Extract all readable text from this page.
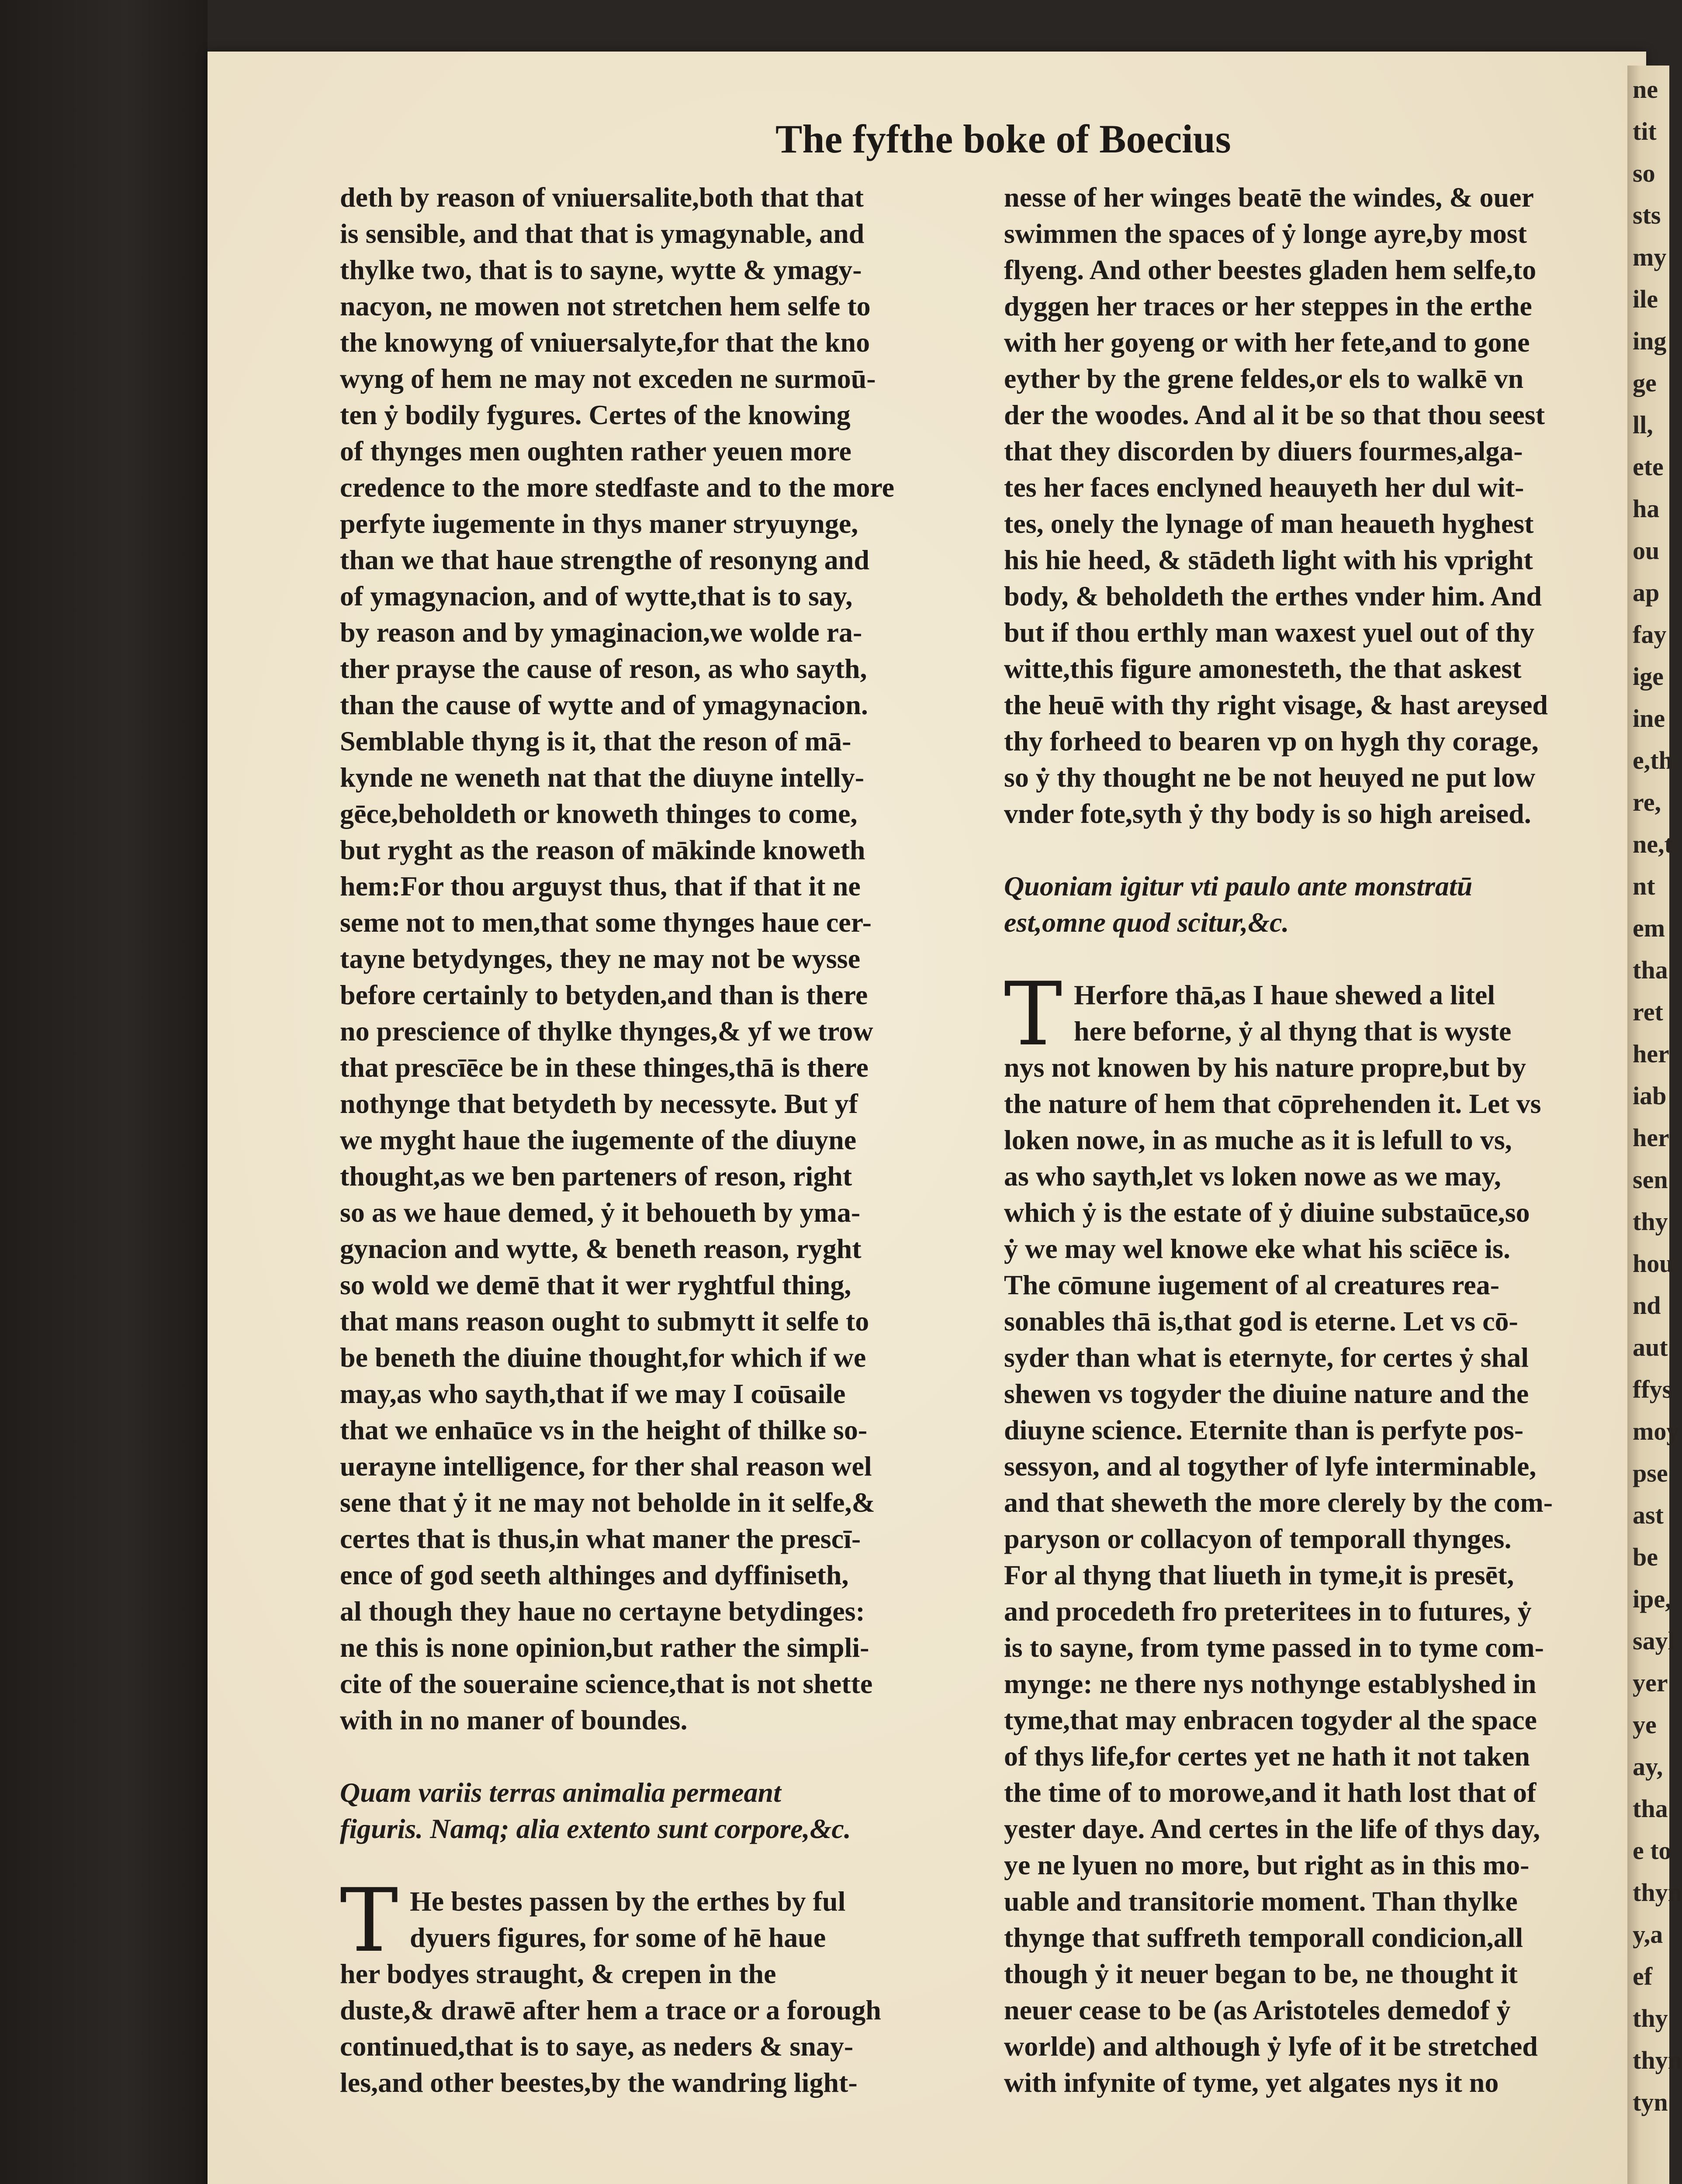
ne
tit
so
sts
my
ile
ing
ge
ll,
ete
ha
ou
ap
fay
ige
ine
e,th
re,
ne,t
nt
em
tha
ret
her
iab
her
sen
thy
hou
nd
aut
ffys
moy
pse
ast
be
ipe,
sayl
yer
ye
ay,
tha
e to
thyn
y,a
ef
thy
thyn
tyn
The fyfthe boke of Boecius
deth by reason of vniuersalite,both that that
is sensible, and that that is ymagynable, and
thylke two, that is to sayne, wytte & ymagy-
nacyon, ne mowen not stretchen hem selfe to
the knowyng of vniuersalyte,for that the kno
wyng of hem ne may not exceden ne surmoū-
ten ẏ bodily fygures. Certes of the knowing
of thynges men oughten rather yeuen more
credence to the more stedfaste and to the more
perfyte iugemente in thys maner stryuynge,
than we that haue strengthe of resonyng and
of ymagynacion, and of wytte,that is to say,
by reason and by ymaginacion,we wolde ra-
ther prayse the cause of reson, as who sayth,
than the cause of wytte and of ymagynacion.
Semblable thyng is it, that the reson of mā-
kynde ne weneth nat that the diuyne intelly-
gēce,beholdeth or knoweth thinges to come,
but ryght as the reason of mākinde knoweth
hem:For thou arguyst thus, that if that it ne
seme not to men,that some thynges haue cer-
tayne betydynges, they ne may not be wysse
before certainly to betyden,and than is there
no prescience of thylke thynges,& yf we trow
that prescīēce be in these thinges,thā is there
nothynge that betydeth by necessyte. But yf
we myght haue the iugemente of the diuyne
thought,as we ben parteners of reson, right
so as we haue demed, ẏ it behoueth by yma-
gynacion and wytte, & beneth reason, ryght
so wold we demē that it wer ryghtful thing,
that mans reason ought to submytt it selfe to
be beneth the diuine thought,for which if we
may,as who sayth,that if we may I coūsaile
that we enhaūce vs in the height of thilke so-
uerayne intelligence, for ther shal reason wel
sene that ẏ it ne may not beholde in it selfe,&
certes that is thus,in what maner the prescī-
ence of god seeth althinges and dyffiniseth,
al though they haue no certayne betydinges:
ne this is none opinion,but rather the simpli-
cite of the soueraine science,that is not shette
with in no maner of boundes.
Quam variis terras animalia permeant
figuris. Namq; alia extento sunt corpore,&c.
T He bestes passen by the erthes by ful
dyuers figures, for some of hē haue
her bodyes straught, & crepen in the
duste,& drawē after hem a trace or a forough
continued,that is to saye, as neders & snay-
les,and other beestes,by the wandring light-
nesse of her winges beatē the windes, & ouer
swimmen the spaces of ẏ longe ayre,by most
flyeng. And other beestes gladen hem selfe,to
dyggen her traces or her steppes in the erthe
with her goyeng or with her fete,and to gone
eyther by the grene feldes,or els to walkē vn
der the woodes. And al it be so that thou seest
that they discorden by diuers fourmes,alga-
tes her faces enclyned heauyeth her dul wit-
tes, onely the lynage of man heaueth hyghest
his hie heed, & stādeth light with his vpright
body, & beholdeth the erthes vnder him. And
but if thou erthly man waxest yuel out of thy
witte,this figure amonesteth, the that askest
the heuē with thy right visage, & hast areysed
thy forheed to bearen vp on hygh thy corage,
so ẏ thy thought ne be not heuyed ne put low
vnder fote,syth ẏ thy body is so high areised.
Quoniam igitur vti paulo ante monstratū
est,omne quod scitur,&c.
T Herfore thā,as I haue shewed a litel
here beforne, ẏ al thyng that is wyste
nys not knowen by his nature propre,but by
the nature of hem that cōprehenden it. Let vs
loken nowe, in as muche as it is lefull to vs,
as who sayth,let vs loken nowe as we may,
which ẏ is the estate of ẏ diuine substaūce,so
ẏ we may wel knowe eke what his sciēce is.
The cōmune iugement of al creatures rea-
sonables thā is,that god is eterne. Let vs cō-
syder than what is eternyte, for certes ẏ shal
shewen vs togyder the diuine nature and the
diuyne science. Eternite than is perfyte pos-
sessyon, and al togyther of lyfe interminable,
and that sheweth the more clerely by the com-
paryson or collacyon of temporall thynges.
For al thyng that liueth in tyme,it is presēt,
and procedeth fro preteritees in to futures, ẏ
is to sayne, from tyme passed in to tyme com-
mynge: ne there nys nothynge establyshed in
tyme,that may enbracen togyder al the space
of thys life,for certes yet ne hath it not taken
the time of to morowe,and it hath lost that of
yester daye. And certes in the life of thys day,
ye ne lyuen no more, but right as in this mo-
uable and transitorie moment. Than thylke
thynge that suffreth temporall condicion,all
though ẏ it neuer began to be, ne thought it
neuer cease to be (as Aristoteles demedof ẏ
worlde) and although ẏ lyfe of it be stretched
with infynite of tyme, yet algates nys it no
